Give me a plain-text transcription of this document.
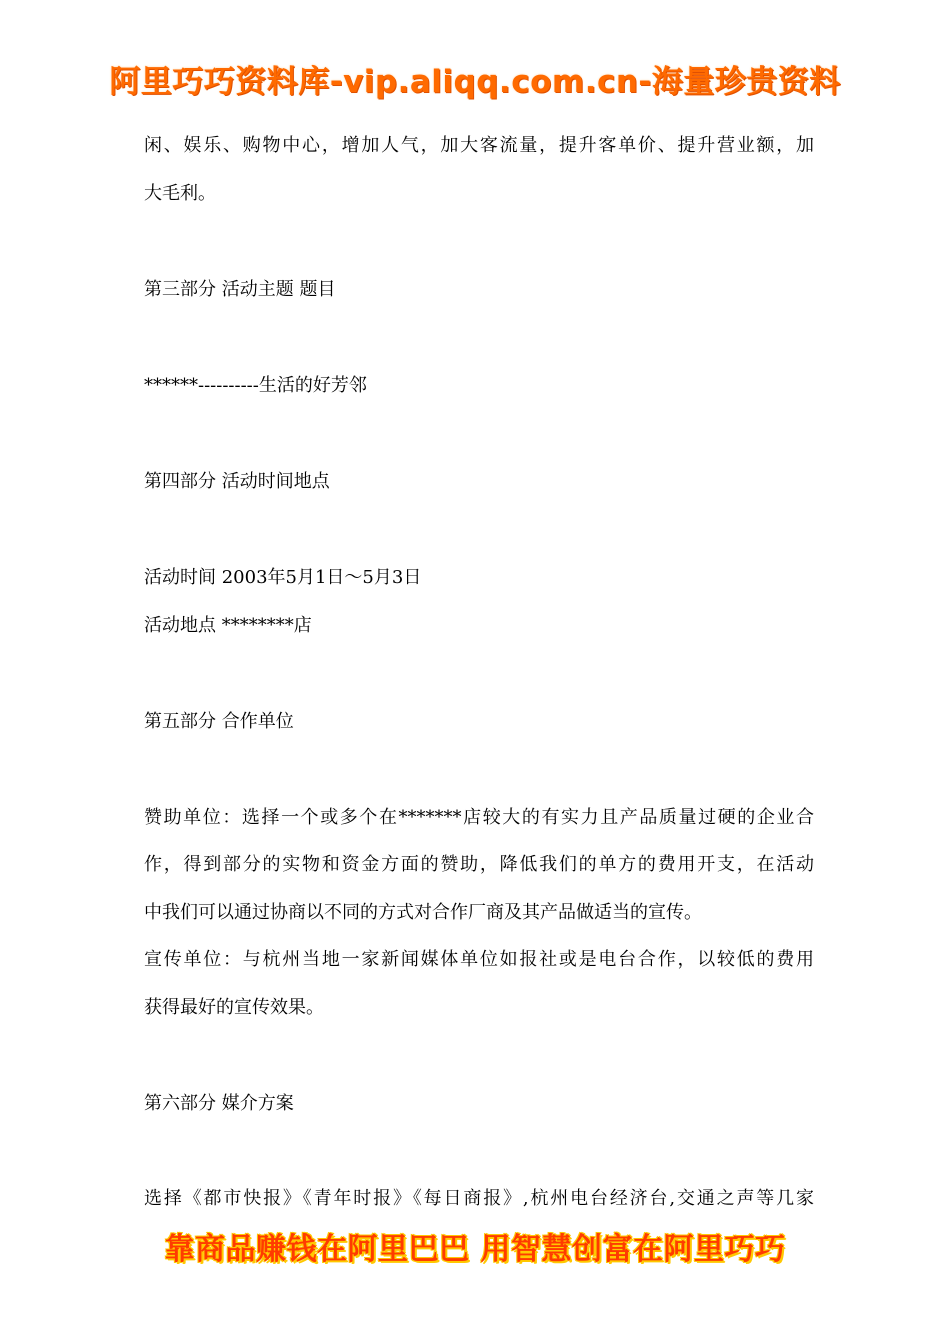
阿里巧巧资料库-vip.aliqq.com.cn-海量珍贵资料
闲、娱乐、购物中心，增加人气，加大客流量，提升客单价、提升营业额，加
大毛利。
第三部分 活动主题 题目
******----------生活的好芳邻
第四部分 活动时间地点
活动时间 2003年5月1日～5月3日
活动地点 ********店
第五部分 合作单位
赞助单位：选择一个或多个在*******店较大的有实力且产品质量过硬的企业合
作，得到部分的实物和资金方面的赞助，降低我们的单方的费用开支，在活动
中我们可以通过协商以不同的方式对合作厂商及其产品做适当的宣传。
宣传单位：与杭州当地一家新闻媒体单位如报社或是电台合作，以较低的费用
获得最好的宣传效果。
第六部分 媒介方案
选择《都市快报》《青年时报》《每日商报》,杭州电台经济台,交通之声等几家
靠商品赚钱在阿里巴巴 用智慧创富在阿里巧巧
